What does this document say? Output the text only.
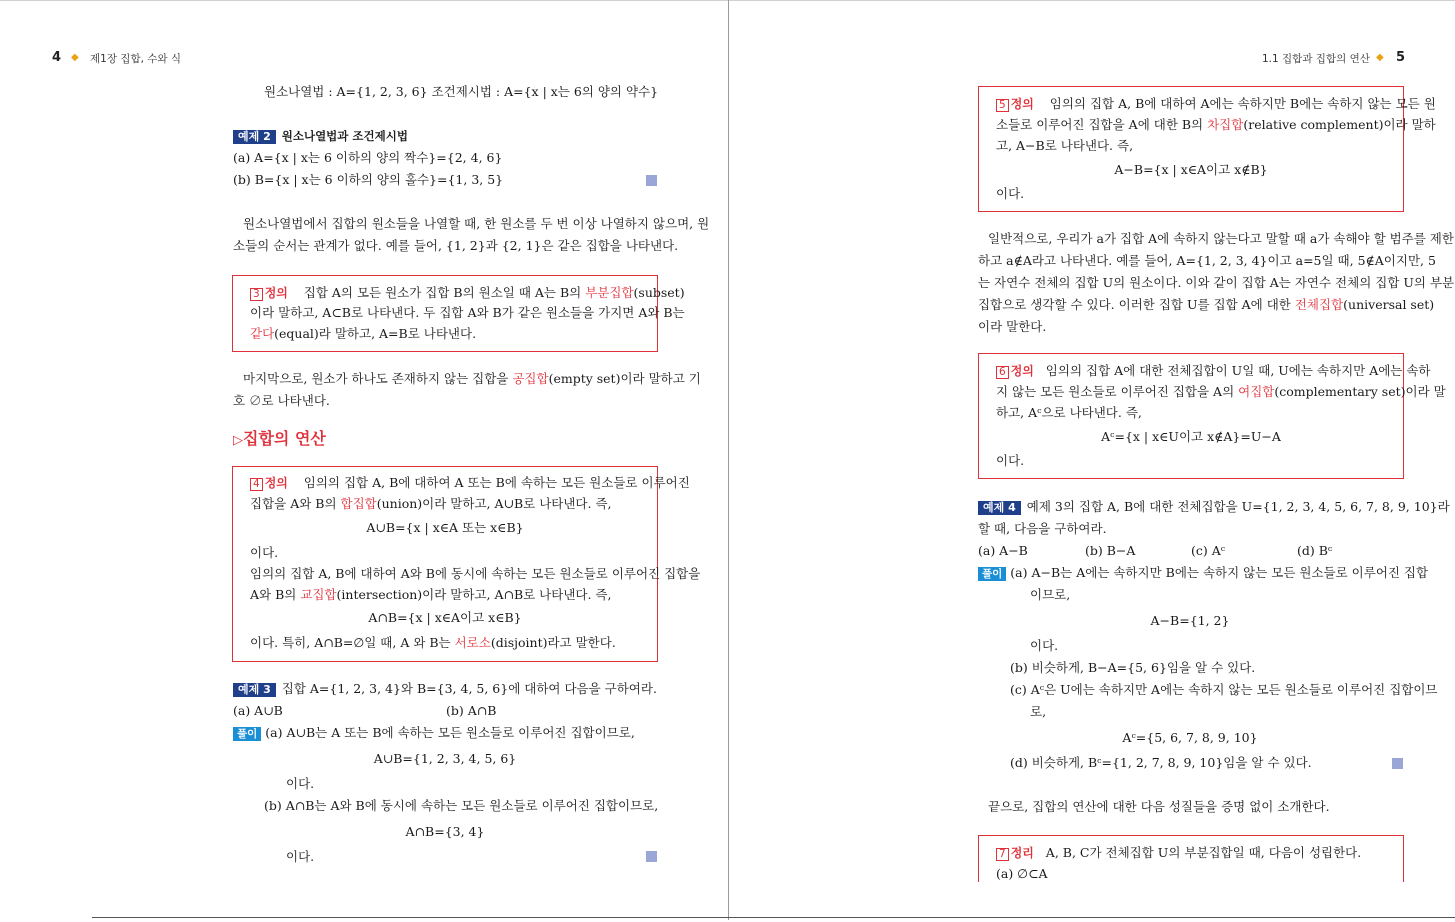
4 ◆ 제1장 집합, 수와 식
원소나열법 : A={1, 2, 3, 6} 조건제시법 : A={x | x는 6의 양의 약수}
예제 2 원소나열법과 조건제시법
(a) A={x | x는 6 이하의 양의 짝수}={2, 4, 6}
(b) B={x | x는 6 이하의 양의 홀수}={1, 3, 5}
원소나열법에서 집합의 원소들을 나열할 때, 한 원소를 두 번 이상 나열하지 않으며, 원
소들의 순서는 관계가 없다. 예를 들어, {1, 2}과 {2, 1}은 같은 집합을 나타낸다.
3 정의 집합 A의 모든 원소가 집합 B의 원소일 때 A는 B의 부분집합(subset)
이라 말하고, A⊂B로 나타낸다. 두 집합 A와 B가 같은 원소들을 가지면 A와 B는
같다(equal)라 말하고, A=B로 나타낸다.
마지막으로, 원소가 하나도 존재하지 않는 집합을 공집합(empty set)이라 말하고 기
호 ∅로 나타낸다.
▷집합의 연산
4 정의 임의의 집합 A, B에 대하여 A 또는 B에 속하는 모든 원소들로 이루어진
집합을 A와 B의 합집합(union)이라 말하고, A∪B로 나타낸다. 즉,
A∪B={x | x∈A 또는 x∈B}
이다.
임의의 집합 A, B에 대하여 A와 B에 동시에 속하는 모든 원소들로 이루어진 집합을
A와 B의 교집합(intersection)이라 말하고, A∩B로 나타낸다. 즉,
A∩B={x | x∈A이고 x∈B}
이다. 특히, A∩B=∅일 때, A 와 B는 서로소(disjoint)라고 말한다.
예제 3 집합 A={1, 2, 3, 4}와 B={3, 4, 5, 6}에 대하여 다음을 구하여라.
(a) A∪B	(b) A∩B
풀이 (a) A∪B는 A 또는 B에 속하는 모든 원소들로 이루어진 집합이므로,
A∪B={1, 2, 3, 4, 5, 6}
이다.
(b) A∩B는 A와 B에 동시에 속하는 모든 원소들로 이루어진 집합이므로,
A∩B={3, 4}
이다.
1.1 집합과 집합의 연산 ◆ 5
5 정의 임의의 집합 A, B에 대하여 A에는 속하지만 B에는 속하지 않는 모든 원
소들로 이루어진 집합을 A에 대한 B의 차집합(relative complement)이라 말하
고, A−B로 나타낸다. 즉,
A−B={x | x∈A이고 x∉B}
이다.
일반적으로, 우리가 a가 집합 A에 속하지 않는다고 말할 때 a가 속해야 할 범주를 제한
하고 a∉A라고 나타낸다. 예를 들어, A={1, 2, 3, 4}이고 a=5일 때, 5∉A이지만, 5
는 자연수 전체의 집합 U의 원소이다. 이와 같이 집합 A는 자연수 전체의 집합 U의 부분
집합으로 생각할 수 있다. 이러한 집합 U를 집합 A에 대한 전체집합(universal set)
이라 말한다.
6 정의 임의의 집합 A에 대한 전체집합이 U일 때, U에는 속하지만 A에는 속하
지 않는 모든 원소들로 이루어진 집합을 A의 여집합(complementary set)이라 말
하고, Aᶜ으로 나타낸다. 즉,
Aᶜ={x | x∈U이고 x∉A}=U−A
이다.
예제 4 예제 3의 집합 A, B에 대한 전체집합을 U={1, 2, 3, 4, 5, 6, 7, 8, 9, 10}라
할 때, 다음을 구하여라.
(a) A−B	(b) B−A	(c) Aᶜ	(d) Bᶜ
풀이 (a) A−B는 A에는 속하지만 B에는 속하지 않는 모든 원소들로 이루어진 집합
이므로,
A−B={1, 2}
이다.
(b) 비슷하게, B−A={5, 6}임을 알 수 있다.
(c) Aᶜ은 U에는 속하지만 A에는 속하지 않는 모든 원소들로 이루어진 집합이므
로,
Aᶜ={5, 6, 7, 8, 9, 10}
(d) 비슷하게, Bᶜ={1, 2, 7, 8, 9, 10}임을 알 수 있다.
끝으로, 집합의 연산에 대한 다음 성질들을 증명 없이 소개한다.
7 정리 A, B, C가 전체집합 U의 부분집합일 때, 다음이 성립한다.
(a) ∅⊂A
